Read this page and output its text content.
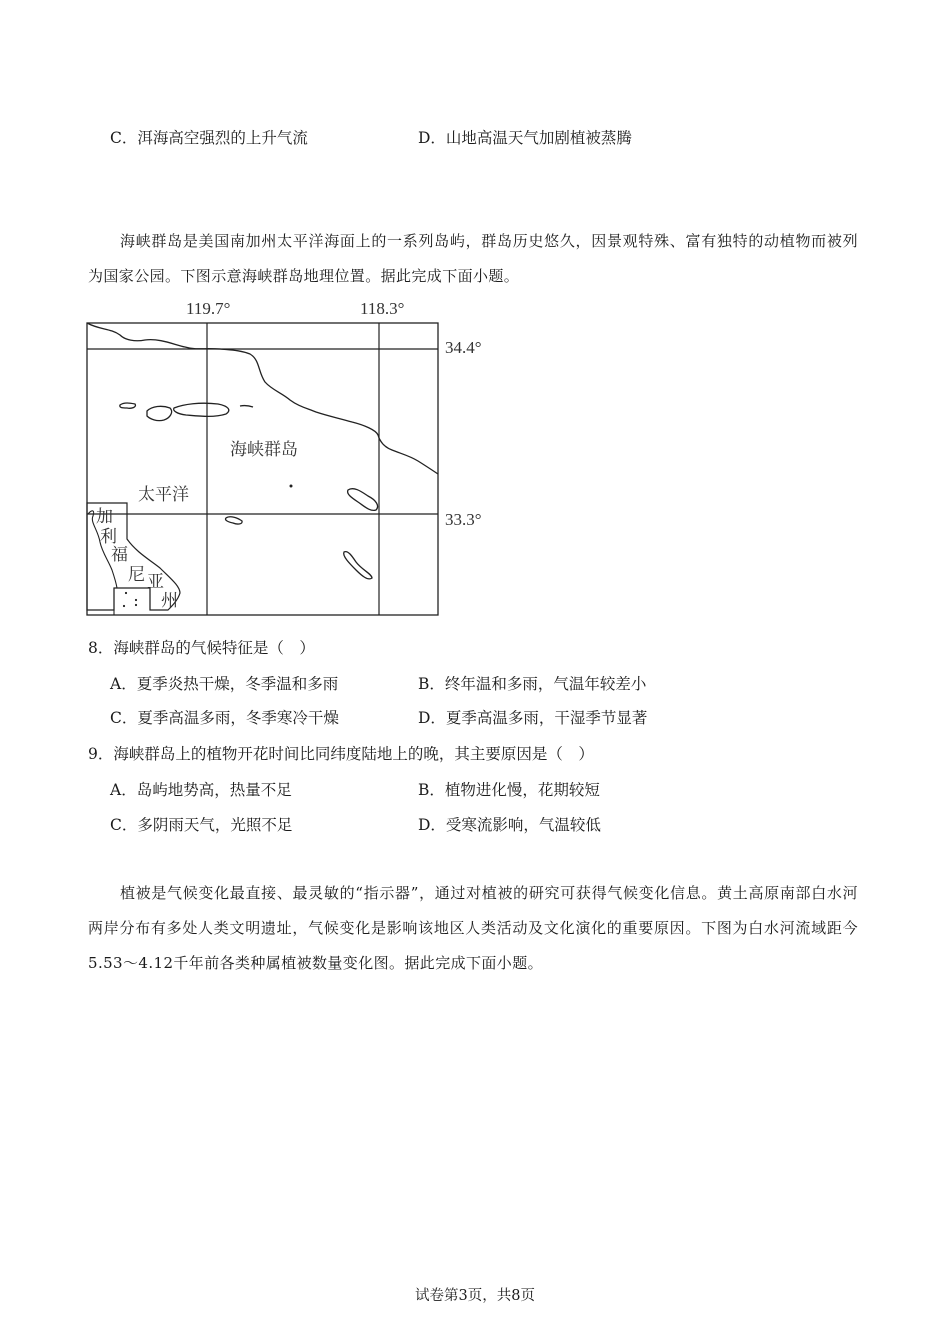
C．洱海高空强烈的上升气流	D．山地高温天气加剧植被蒸腾

海峡群岛是美国南加州太平洋海面上的一系列岛屿，群岛历史悠久，因景观特殊、富有独特的动植物而被列为国家公园。下图示意海峡群岛地理位置。据此完成下面小题。

119.7°	118.3°
34.4°
33.3°
海峡群岛
太平洋
加
利
福
尼 亚
州
8．海峡群岛的气候特征是（　）
A．夏季炎热干燥，冬季温和多雨	B．终年温和多雨，气温年较差小
C．夏季高温多雨，冬季寒冷干燥	D．夏季高温多雨，干湿季节显著
9．海峡群岛上的植物开花时间比同纬度陆地上的晚，其主要原因是（　）
A．岛屿地势高，热量不足	B．植物进化慢，花期较短
C．多阴雨天气，光照不足	D．受寒流影响，气温较低

植被是气候变化最直接、最灵敏的“指示器”，通过对植被的研究可获得气候变化信息。黄土高原南部白水河两岸分布有多处人类文明遗址，气候变化是影响该地区人类活动及文化演化的重要原因。下图为白水河流域距今5.53～4.12千年前各类种属植被数量变化图。据此完成下面小题。

试卷第3页，共8页
